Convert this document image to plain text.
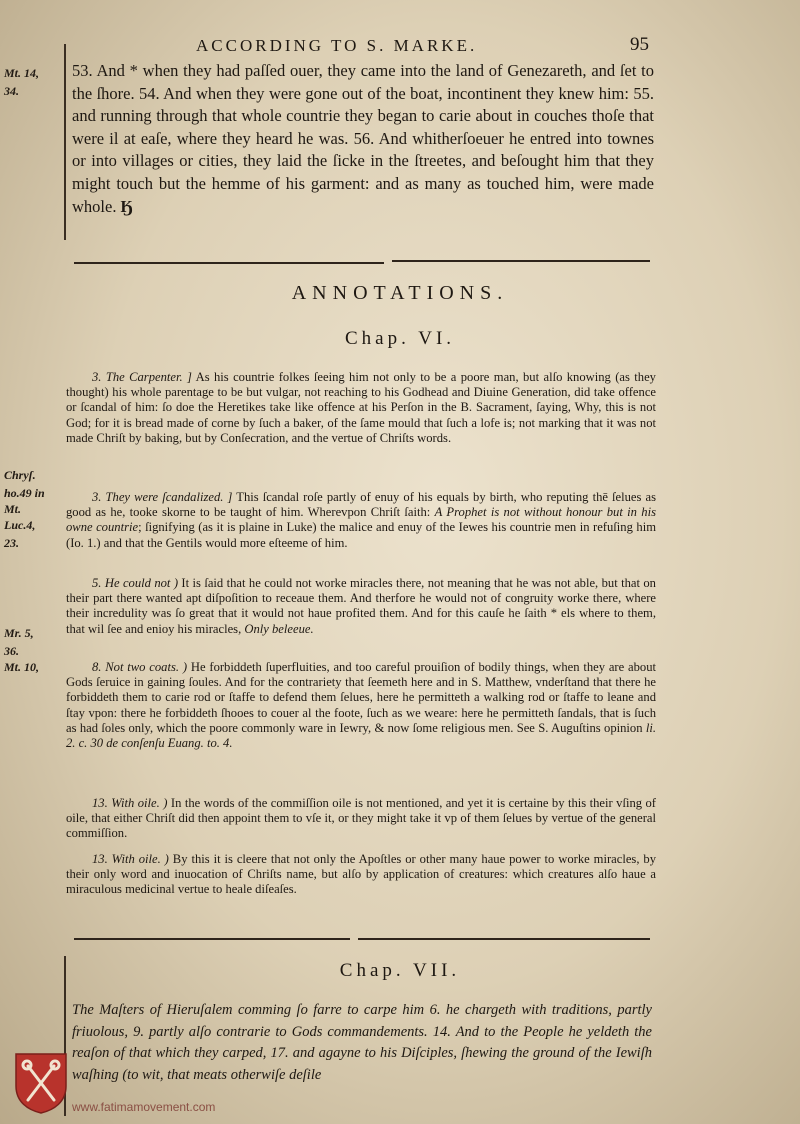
ACCORDING TO S. MARKE.	95
Mt. 14,
34.
Chryſ.
ho.49 in
Mt.
Luc.4,
23.
Mr. 5,
36.
Mt. 10,

53. And * when they had paſſed ouer, they came into the land of Genezareth, and ſet to the ſhore. 54. And when they were gone out of the boat, incontinent they knew him: 55. and running through that whole countrie they began to carie about in couches thoſe that were il at eaſe, where they heard he was. 56. And whitherſoeuer he entred into townes or into villages or cities, they laid the ſicke in the ſtreetes, and beſought him that they might touch but the hemme of his garment: and as many as touched him, were made whole. Ӄ

ANNOTATIONS.
Chap. VI.

3. The Carpenter. ] As his countrie folkes ſeeing him not only to be a poore man, but alſo knowing (as they thought) his whole parentage to be but vulgar, not reaching to his Godhead and Diuine Generation, did take offence or ſcandal of him: ſo doe the Heretikes take like offence at his Perſon in the B. Sacrament, ſaying, Why, this is not God; for it is bread made of corne by ſuch a baker, of the ſame mould that ſuch a lofe is; not marking that it was not made Chriſt by baking, but by Conſecration, and the vertue of Chriſts words.

3. They were ſcandalized. ] This ſcandal roſe partly of enuy of his equals by birth, who reputing thē ſelues as good as he, tooke skorne to be taught of him. Wherevpon Chriſt ſaith: A Prophet is not without honour but in his owne countrie; ſignifying (as it is plaine in Luke) the malice and enuy of the Iewes his countrie men in refuſing him (Io. 1.) and that the Gentils would more eſteeme of him.

5. He could not ) It is ſaid that he could not worke miracles there, not meaning that he was not able, but that on their part there wanted apt diſpoſition to receaue them. And therfore he would not of congruity worke there, where their incredulity was ſo great that it would not haue profited them. And for this cauſe he ſaith * els where to them, that wil ſee and enioy his miracles, Only beleeue.

8. Not two coats. ) He forbiddeth ſuperfluities, and too careful prouiſion of bodily things, when they are about Gods ſeruice in gaining ſoules. And for the contrariety that ſeemeth here and in S. Matthew, vnderſtand that there he forbiddeth them to carie rod or ſtaffe to defend them ſelues, here he permitteth a walking rod or ſtaffe to leane and ſtay vpon: there he forbiddeth ſhooes to couer al the foote, ſuch as we weare: here he permitteth ſandals, that is ſuch as had ſoles only, which the poore commonly ware in Iewry, & now ſome religious men. See S. Auguſtins opinion li. 2. c. 30 de conſenſu Euang. to. 4.

13. With oile. ) In the words of the commiſſion oile is not mentioned, and yet it is certaine by this their vſing of oile, that either Chriſt did then appoint them to vſe it, or they might take it vp of them ſelues by vertue of the general commiſſion.

13. With oile. ) By this it is cleere that not only the Apoſtles or other many haue power to worke miracles, by their only word and inuocation of Chriſts name, but alſo by application of creatures: which creatures alſo haue a miraculous medicinal vertue to heale diſeaſes.

Chap. VII.

The Maſters of Hieruſalem comming ſo farre to carpe him 6. he chargeth with traditions, partly friuolous, 9. partly alſo contrarie to Gods commandements. 14. And to the People he yeldeth the reaſon of that which they carped, 17. and agayne to his Diſciples, ſhewing the ground of the Iewiſh waſhing (to wit, that meats otherwiſe deſile

www.fatimamovement.com
